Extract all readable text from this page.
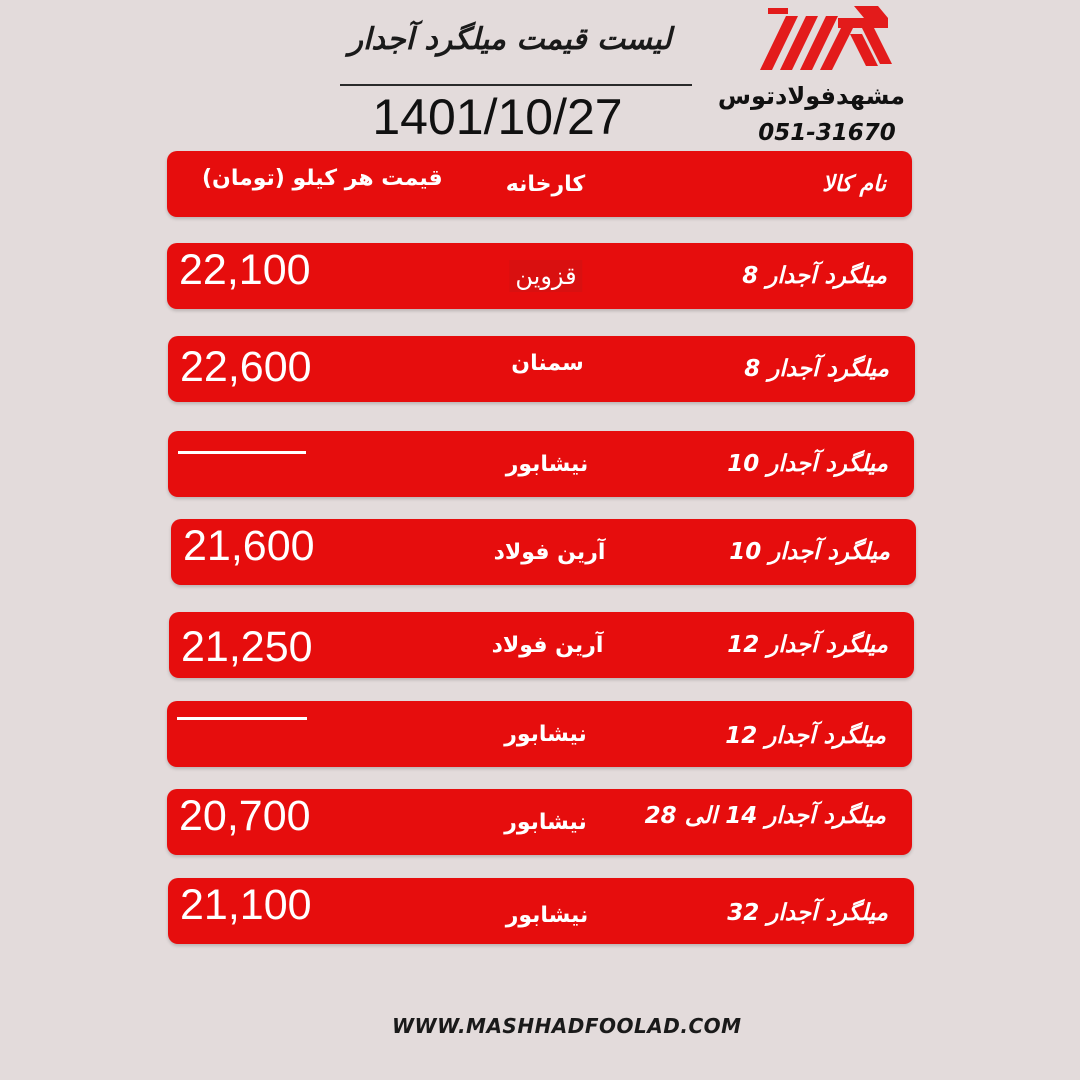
لیست قیمت میلگرد آجدار
1401/10/27	مشهدفولادتوس
051-31670
نام کالا
کارخانه
قیمت هر کیلو (تومان)
میلگرد آجدار 8
قزوین
22,100
میلگرد آجدار 8
سمنان
22,600
میلگرد آجدار 10
نیشابور
میلگرد آجدار 10
آرین فولاد
21,600
میلگرد آجدار 12
آرین فولاد
21,250
میلگرد آجدار 12
نیشابور
میلگرد آجدار 14 الی 28
نیشابور
20,700
میلگرد آجدار 32
نیشابور
21,100
WWW.MASHHADFOOLAD.COM
